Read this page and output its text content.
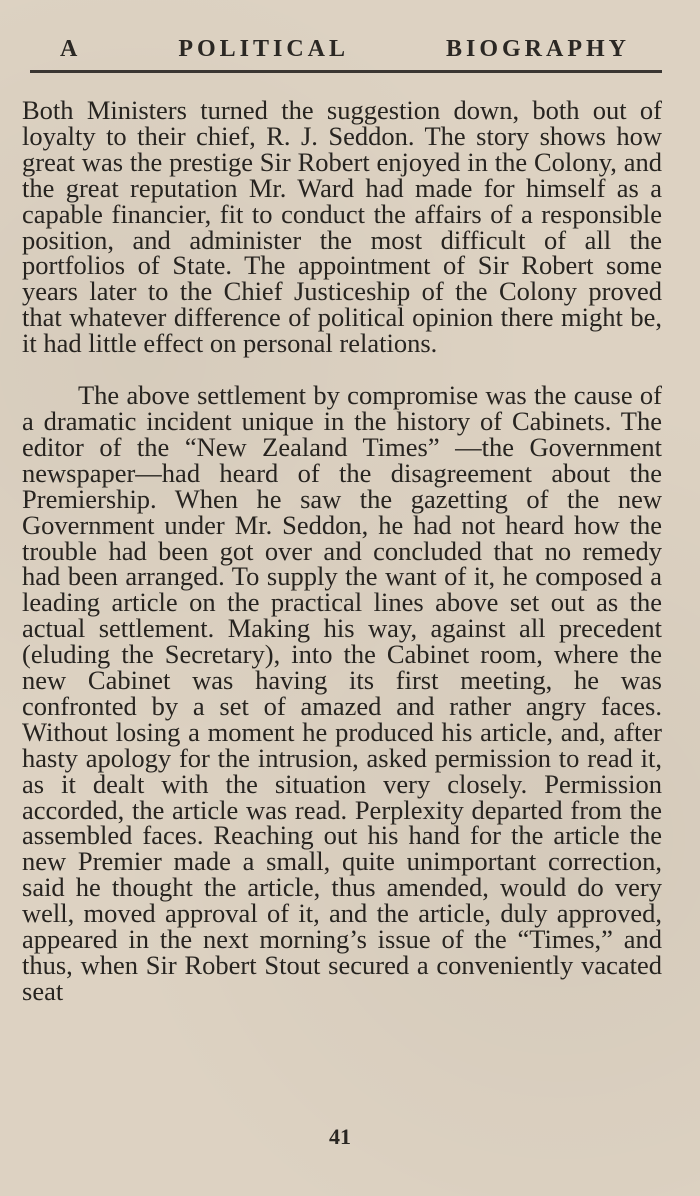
A	POLITICAL	BIOGRAPHY

Both Ministers turned the suggestion down, both out of loyalty to their chief, R. J. Seddon. The story shows how great was the prestige Sir Robert enjoyed in the Colony, and the great reputation Mr. Ward had made for himself as a capable financier, fit to conduct the affairs of a responsible position, and administer the most difficult of all the portfolios of State. The appointment of Sir Robert some years later to the Chief Justiceship of the Colony proved that whatever difference of political opinion there might be, it had little effect on personal relations.

The above settlement by compromise was the cause of a dramatic incident unique in the history of Cabinets. The editor of the “New Zealand Times” —the Government newspaper—had heard of the disagreement about the Premiership. When he saw the gazetting of the new Government under Mr. Seddon, he had not heard how the trouble had been got over and concluded that no remedy had been arranged. To supply the want of it, he composed a leading article on the practical lines above set out as the actual settlement. Making his way, against all precedent (eluding the Secretary), into the Cabinet room, where the new Cabinet was having its first meeting, he was confronted by a set of amazed and rather angry faces. Without losing a moment he produced his article, and, after hasty apology for the intrusion, asked permission to read it, as it dealt with the situation very closely. Permission accorded, the article was read. Perplexity departed from the assembled faces. Reaching out his hand for the article the new Premier made a small, quite unimportant correction, said he thought the article, thus amended, would do very well, moved approval of it, and the article, duly approved, appeared in the next morning’s issue of the “Times,” and thus, when Sir Robert Stout secured a conveniently vacated seat

41
